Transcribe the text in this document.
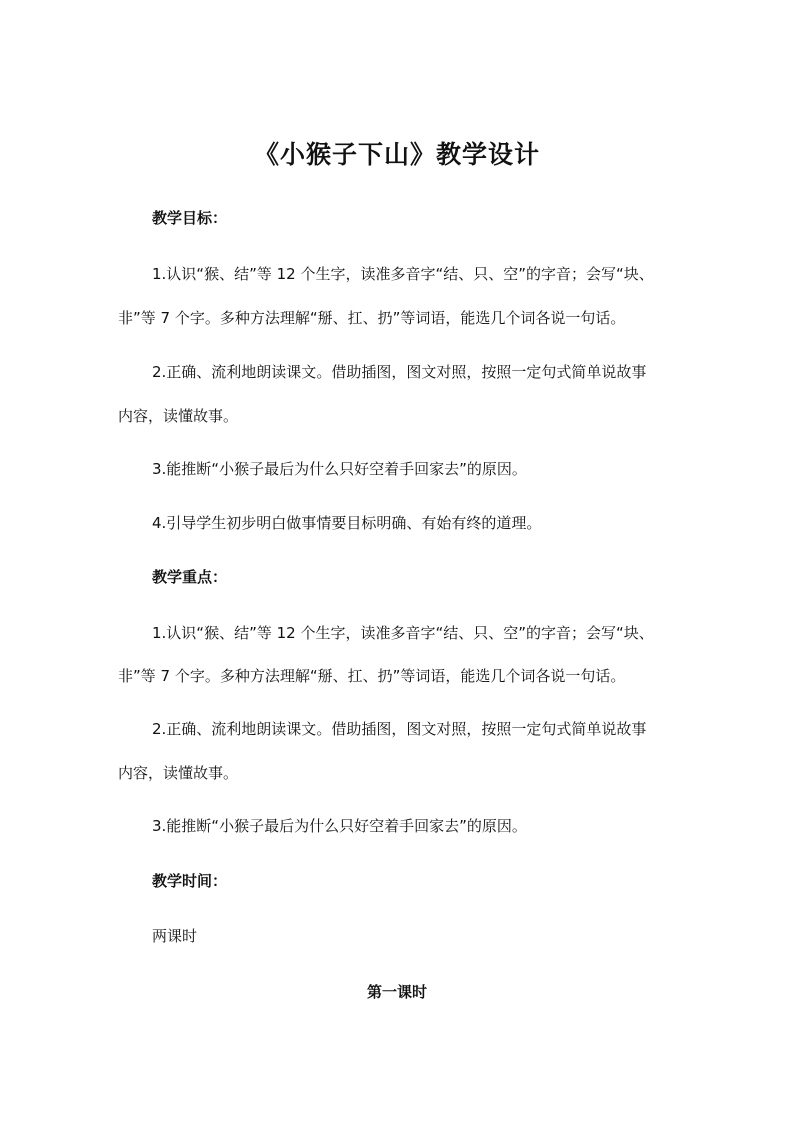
《小猴子下山》教学设计
教学目标：
1.认识“猴、结”等 12 个生字，读准多音字“结、只、空”的字音；会写“块、
非”等 7 个字。多种方法理解“掰、扛、扔”等词语，能选几个词各说一句话。
2.正确、流利地朗读课文。借助插图，图文对照，按照一定句式简单说故事
内容，读懂故事。
3.能推断“小猴子最后为什么只好空着手回家去”的原因。
4.引导学生初步明白做事情要目标明确、有始有终的道理。
教学重点：
1.认识“猴、结”等 12 个生字，读准多音字“结、只、空”的字音；会写“块、
非”等 7 个字。多种方法理解“掰、扛、扔”等词语，能选几个词各说一句话。
2.正确、流利地朗读课文。借助插图，图文对照，按照一定句式简单说故事
内容，读懂故事。
3.能推断“小猴子最后为什么只好空着手回家去”的原因。
教学时间：
两课时
第一课时
